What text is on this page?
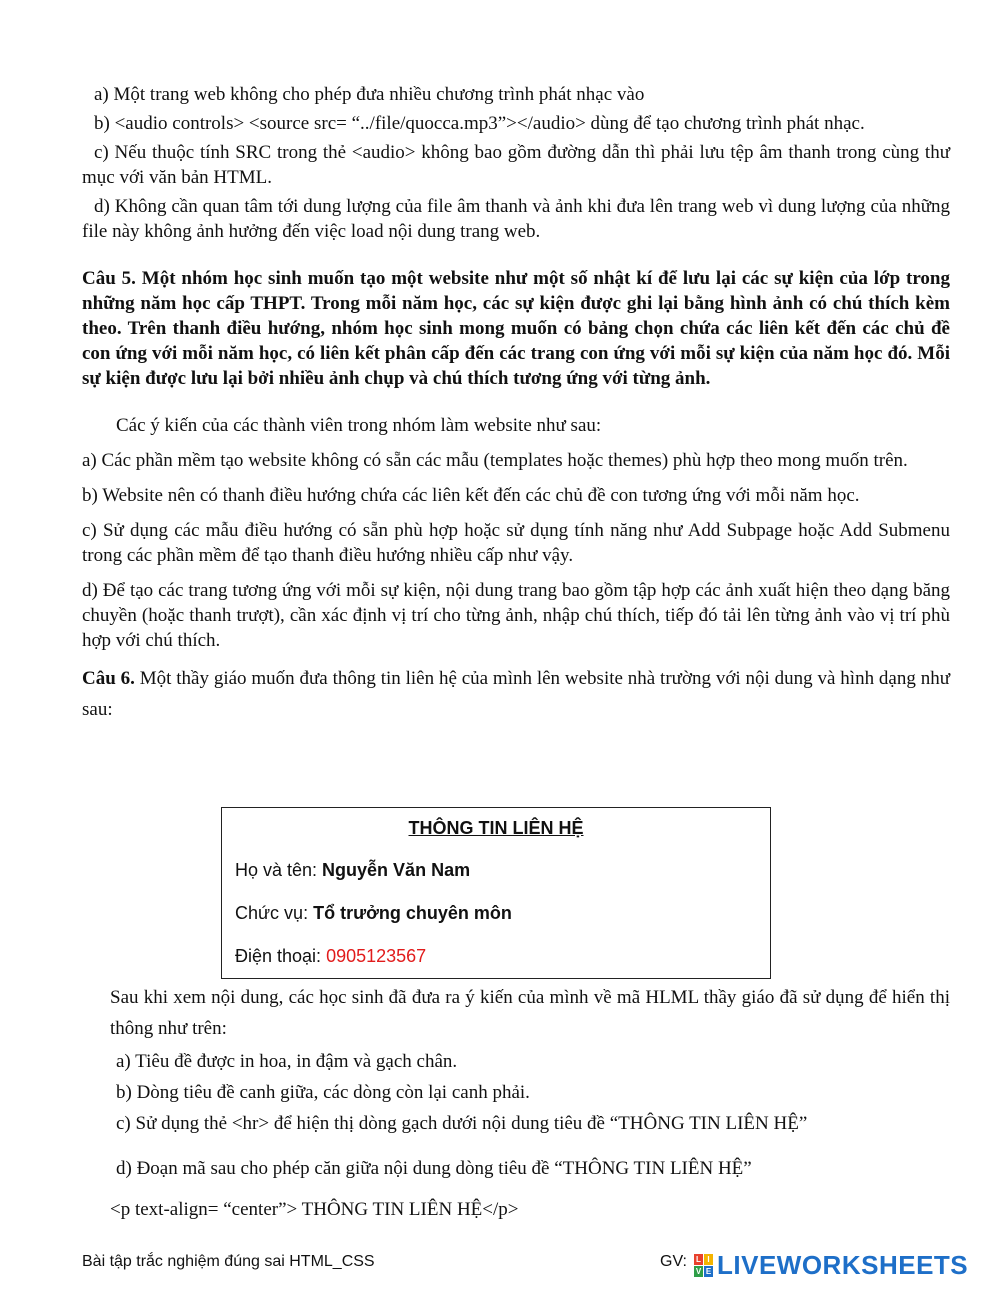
a) Một trang web không cho phép đưa nhiều chương trình phát nhạc vào

b) <audio controls> <source src= “../file/quocca.mp3”></audio> dùng để tạo chương trình phát nhạc.

c) Nếu thuộc tính SRC trong thẻ <audio> không bao gồm đường dẫn thì phải lưu tệp âm thanh trong cùng thư mục với văn bản HTML.

d) Không cần quan tâm tới dung lượng của file âm thanh và ảnh khi đưa lên trang web vì dung lượng của những file này không ảnh hưởng đến việc load nội dung trang web.

Câu 5. Một nhóm học sinh muốn tạo một website như một số nhật kí để lưu lại các sự kiện của lớp trong những năm học cấp THPT. Trong mỗi năm học, các sự kiện được ghi lại bằng hình ảnh có chú thích kèm theo. Trên thanh điều hướng, nhóm học sinh mong muốn có bảng chọn chứa các liên kết đến các chủ đề con ứng với mỗi năm học, có liên kết phân cấp đến các trang con ứng với mỗi sự kiện của năm học đó. Mỗi sự kiện được lưu lại bởi nhiều ảnh chụp và chú thích tương ứng với từng ảnh.

Các ý kiến của các thành viên trong nhóm làm website như sau:

a) Các phần mềm tạo website không có sẵn các mẫu (templates hoặc themes) phù hợp theo mong muốn trên.

b) Website nên có thanh điều hướng chứa các liên kết đến các chủ đề con tương ứng với mỗi năm học.

c) Sử dụng các mẫu điều hướng có sẵn phù hợp hoặc sử dụng tính năng như Add Subpage hoặc Add Submenu trong các phần mềm để tạo thanh điều hướng nhiều cấp như vậy.

d) Để tạo các trang tương ứng với mỗi sự kiện, nội dung trang bao gồm tập hợp các ảnh xuất hiện theo dạng băng chuyền (hoặc thanh trượt), cần xác định vị trí cho từng ảnh, nhập chú thích, tiếp đó tải lên từng ảnh vào vị trí phù hợp với chú thích.

Câu 6. Một thầy giáo muốn đưa thông tin liên hệ của mình lên website nhà trường với nội dung và hình dạng như sau:

THÔNG TIN LIÊN HỆ
Họ và tên: Nguyễn Văn Nam
Chức vụ: Tổ trưởng chuyên môn
Điện thoại: 0905123567

Sau khi xem nội dung, các học sinh đã đưa ra ý kiến của mình về mã HLML thầy giáo đã sử dụng để hiển thị thông như trên:

a) Tiêu đề được in hoa, in đậm và gạch chân.

b) Dòng tiêu đề canh giữa, các dòng còn lại canh phải.

c) Sử dụng thẻ <hr> để hiện thị dòng gạch dưới nội dung tiêu đề “THÔNG TIN LIÊN HỆ”

d) Đoạn mã sau cho phép căn giữa nội dung dòng tiêu đề “THÔNG TIN LIÊN HỆ”

<p text-align= “center”> THÔNG TIN LIÊN HỆ</p>

Bài tập trắc nghiệm đúng sai HTML_CSS	GV: L I
V E LIVEWORKSHEETS
